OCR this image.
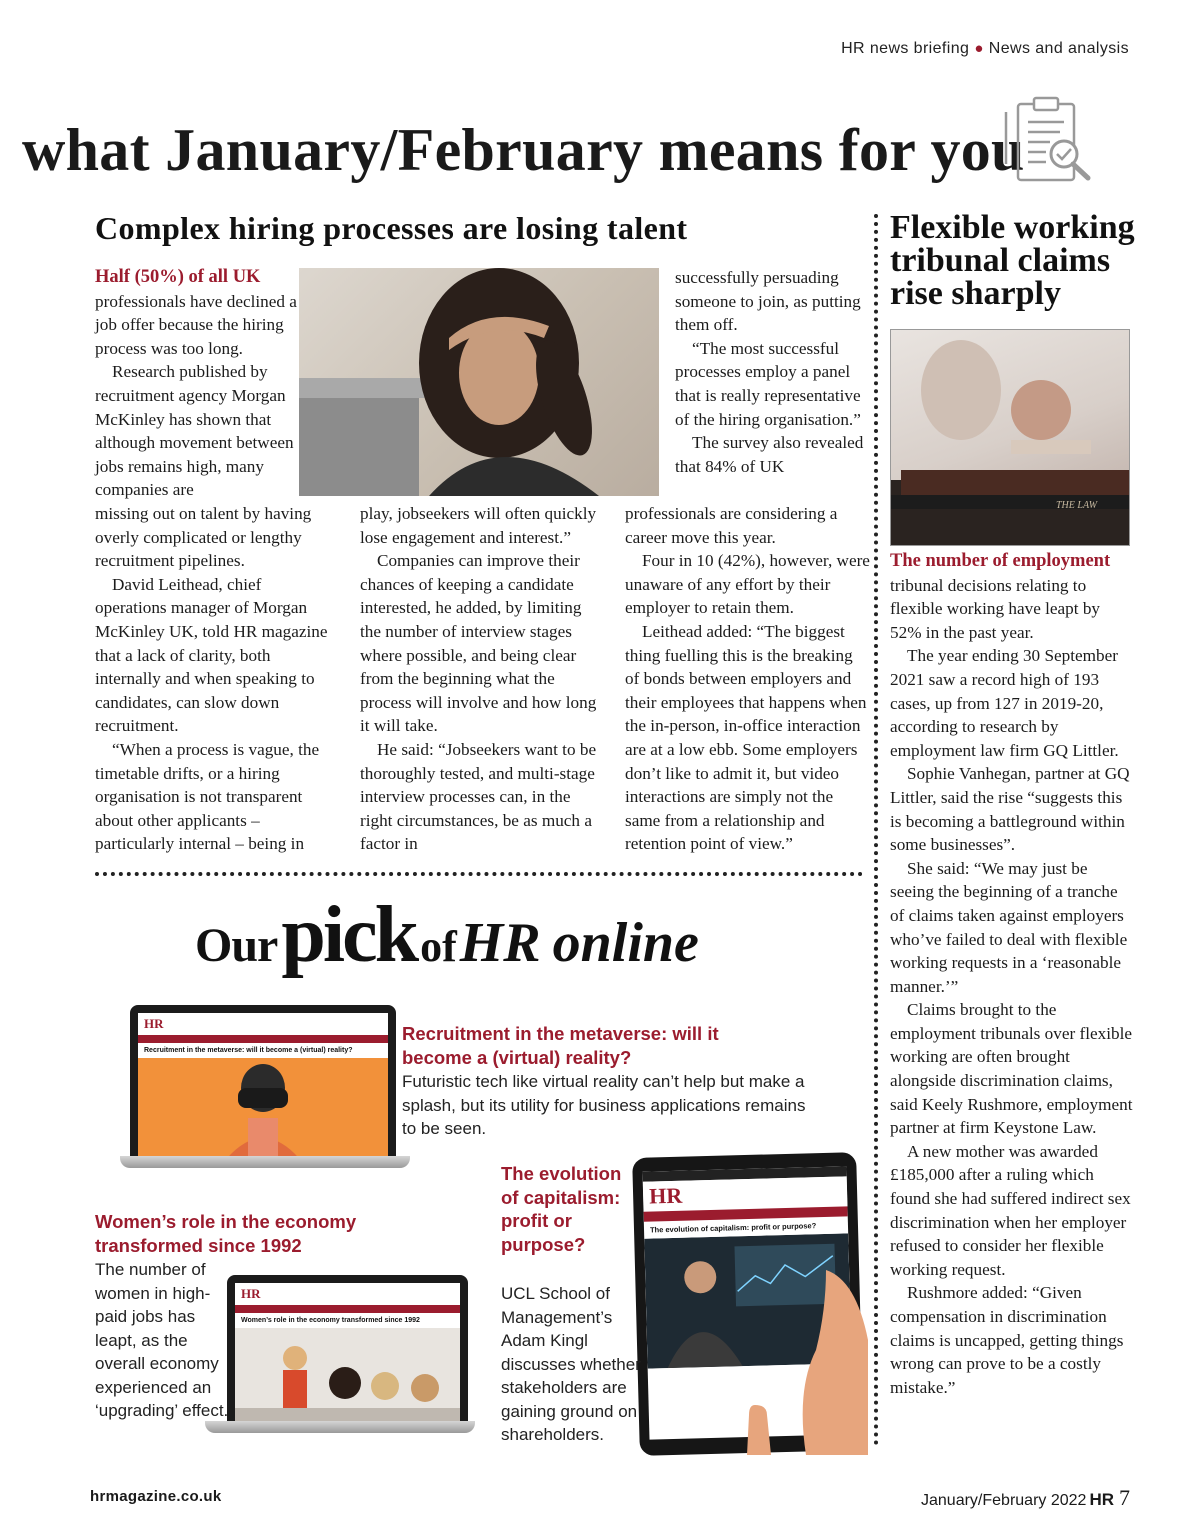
HR news briefing ● News and analysis
what January/February means for you
Complex hiring processes are losing talent

Half (50%) of all UK professionals have declined a job offer because the hiring process was too long.

Research published by recruitment agency Morgan McKinley has shown that although movement between jobs remains high, many companies are

missing out on talent by having overly complicated or lengthy recruitment pipelines.

David Leithead, chief operations manager of Morgan McKinley UK, told HR magazine that a lack of clarity, both internally and when speaking to candidates, can slow down recruitment.

“When a process is vague, the timetable drifts, or a hiring organisation is not transparent about other applicants – particularly internal – being in

play, jobseekers will often quickly lose engagement and interest.”

Companies can improve their chances of keeping a candidate interested, he added, by limiting the number of interview stages where possible, and being clear from the beginning what the process will involve and how long it will take.

He said: “Jobseekers want to be thoroughly tested, and multi-stage interview processes can, in the right circumstances, be as much a factor in

successfully persuading someone to join, as putting them off.

“The most successful processes employ a panel that is really representative of the hiring organisation.”

The survey also revealed that 84% of UK

professionals are considering a career move this year.

Four in 10 (42%), however, were unaware of any effort by their employer to retain them.

Leithead added: “The biggest thing fuelling this is the breaking of bonds between employers and their employees that happens when the in-person, in-office interaction are at a low ebb. Some employers don’t like to admit it, but video interactions are simply not the same from a relationship and retention point of view.”

Flexible working tribunal claims rise sharply
THE LAW

The number of employment tribunal decisions relating to flexible working have leapt by 52% in the past year.

The year ending 30 September 2021 saw a record high of 193 cases, up from 127 in 2019-20, according to research by employment law firm GQ Littler.

Sophie Vanhegan, partner at GQ Littler, said the rise “suggests this is becoming a battleground within some businesses”.

She said: “We may just be seeing the beginning of a tranche of claims taken against employers who’ve failed to deal with flexible working requests in a ‘reasonable manner.’”

Claims brought to the employment tribunals over flexible working are often brought alongside discrimination claims, said Keely Rushmore, employment partner at firm Keystone Law.

A new mother was awarded £185,000 after a ruling which found she had suffered indirect sex discrimination when her employer refused to consider her flexible working request.

Rushmore added: “Given compensation in discrimination claims is uncapped, getting things wrong can prove to be a costly mistake.”

OurpickofHR online
HR
Recruitment in the metaverse: will it become a (virtual) reality?
Recruitment in the metaverse: will it become a (virtual) reality?
Futuristic tech like virtual reality can’t help but make a splash, but its utility for business applications remains to be seen.
HR
Women’s role in the economy transformed since 1992
Women’s role in the economy transformed since 1992
The number of women in high-paid jobs has leapt, as the overall economy experienced an ‘upgrading’ effect.
HR
The evolution of capitalism: profit or purpose?
The evolution of capitalism: profit or purpose?
UCL School of Management’s Adam Kingl discusses whether stakeholders are gaining ground on shareholders.
hrmagazine.co.uk	January/February 2022 HR 7
